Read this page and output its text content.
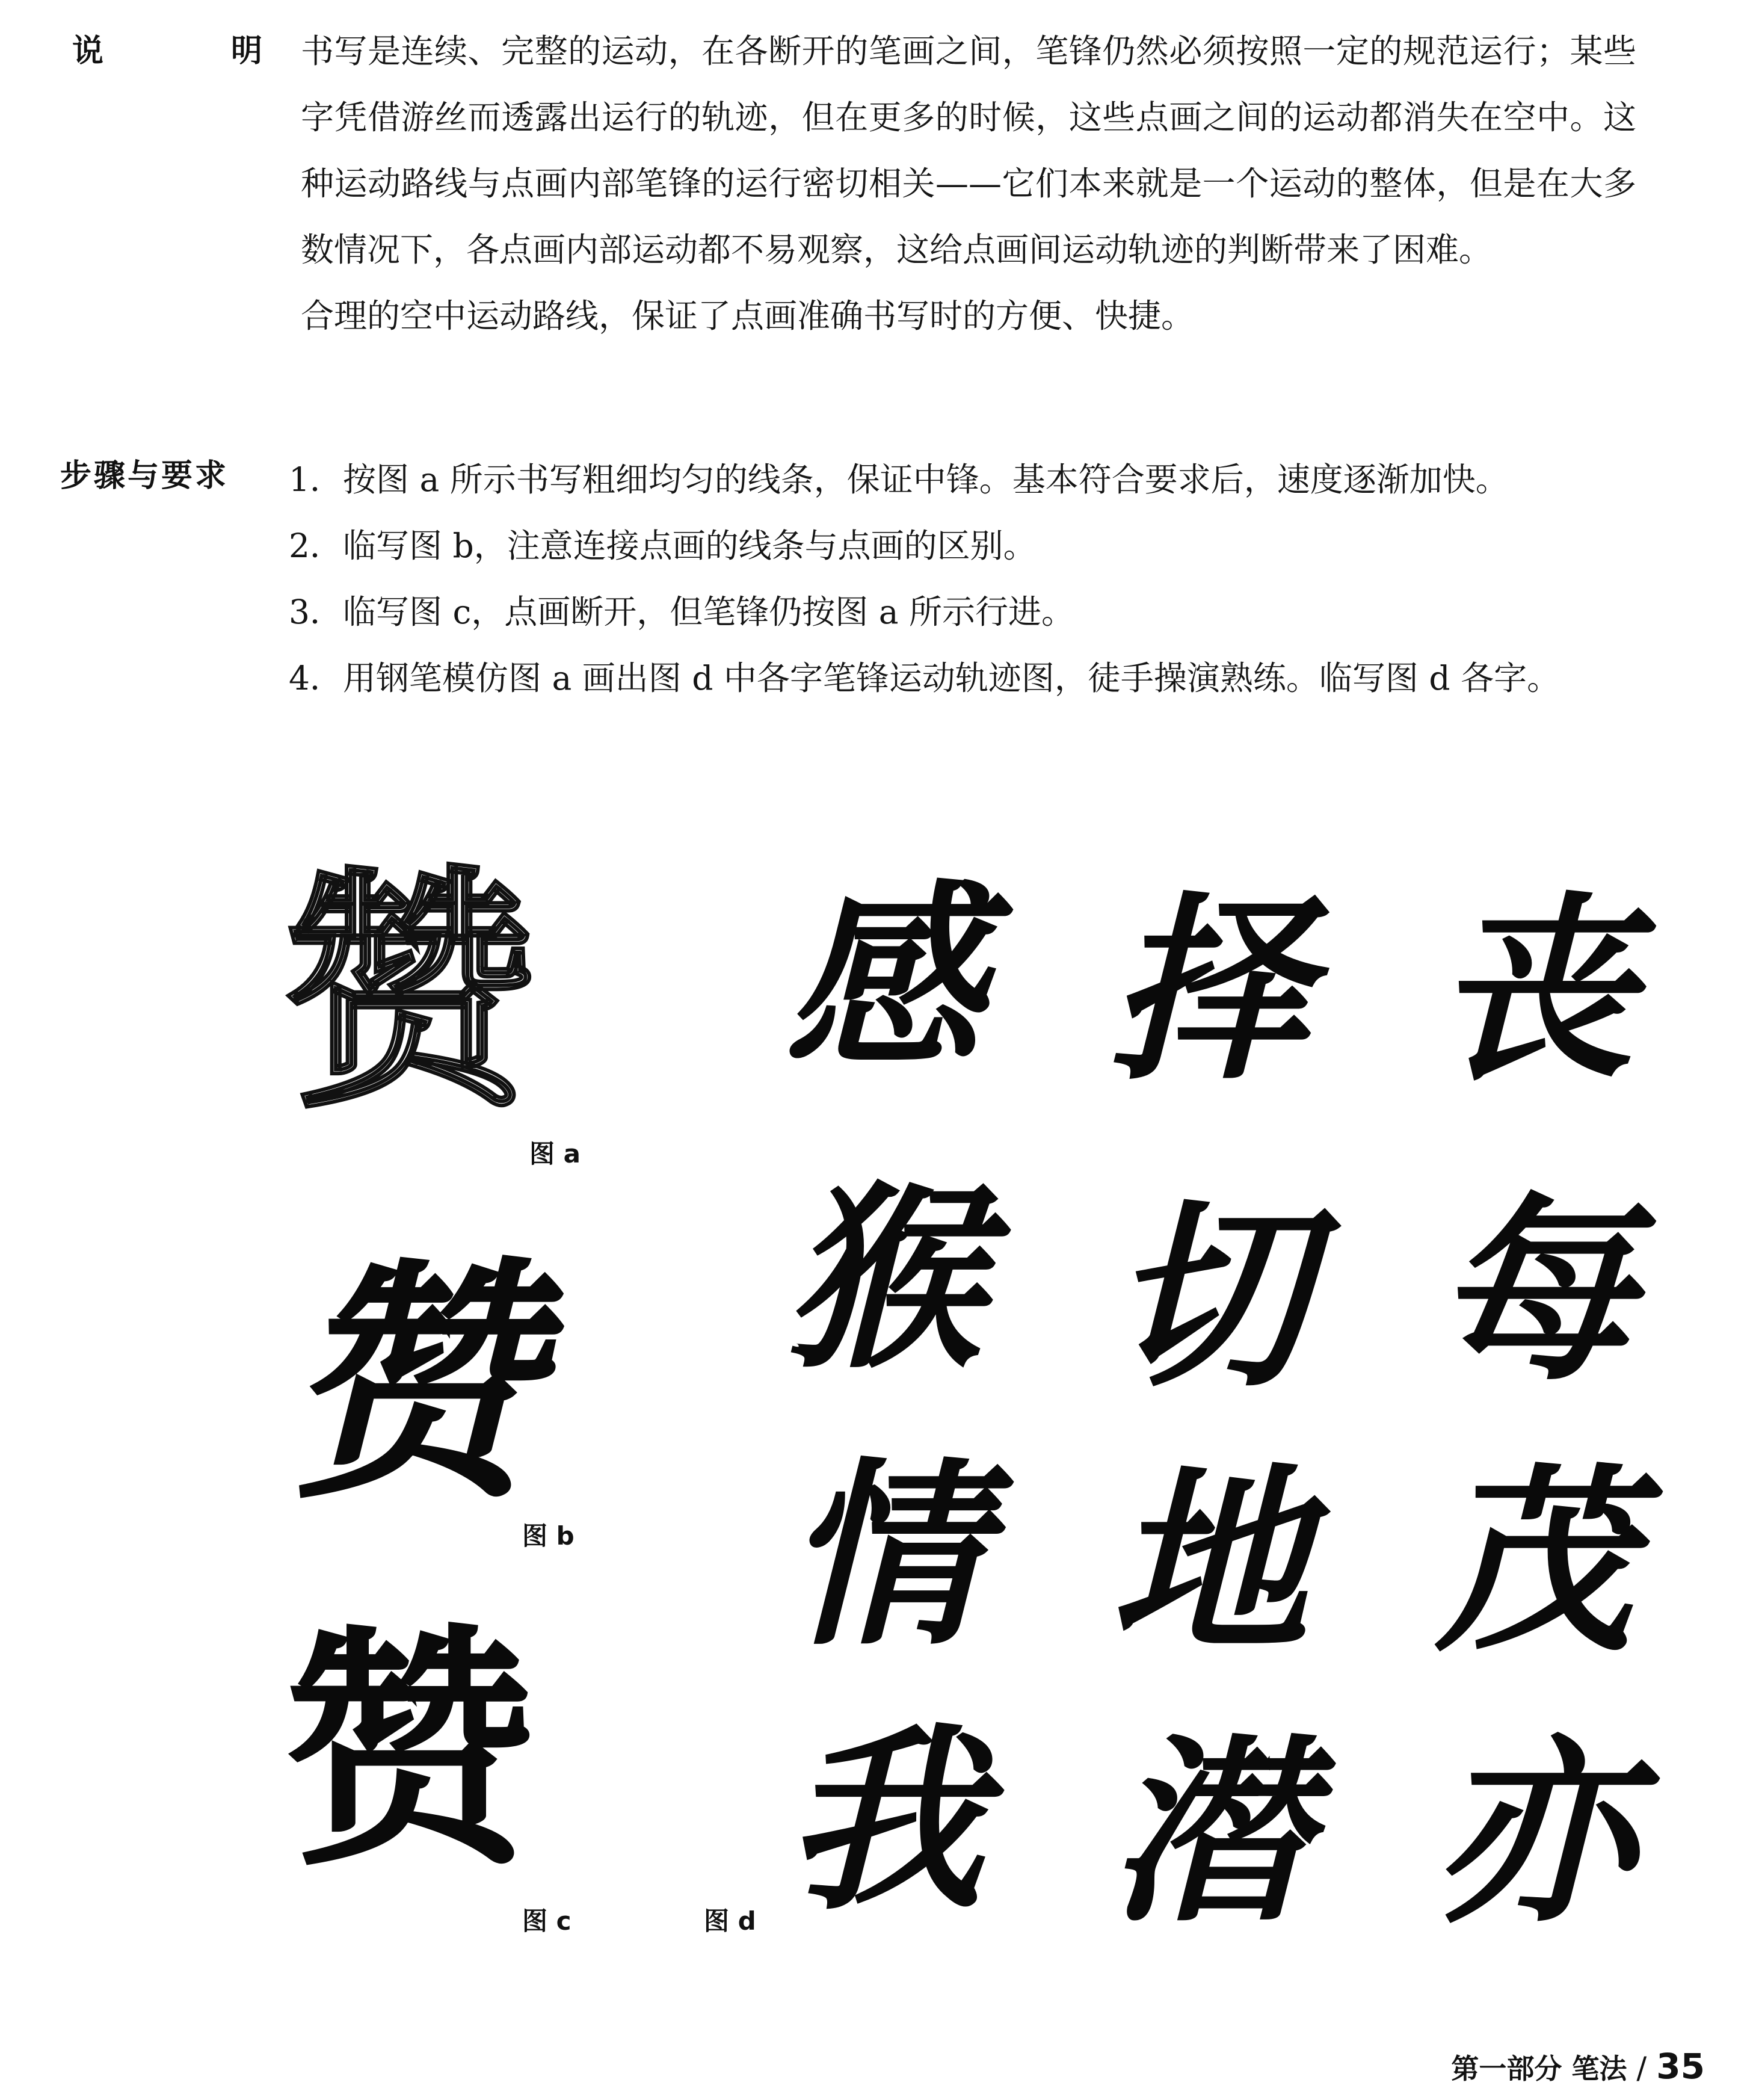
说	明 书写是连续、完整的运动，在各断开的笔画之间，笔锋仍然必须按照一定的规范运行；某些字凭借游丝而透露出运行的轨迹，但在更多的时候，这些点画之间的运动都消失在空中。这种运动路线与点画内部笔锋的运行密切相关——它们本来就是一个运动的整体，但是在大多数情况下，各点画内部运动都不易观察，这给点画间运动轨迹的判断带来了困难。

合理的空中运动路线，保证了点画准确书写时的方便、快捷。

步骤与要求 1．按图 a 所示书写粗细均匀的线条，保证中锋。基本符合要求后，速度逐渐加快。
2．临写图 b，注意连接点画的线条与点画的区别。
3．临写图 c，点画断开，但笔锋仍按图 a 所示行进。
4．用钢笔模仿图 a 画出图 d 中各字笔锋运动轨迹图，徒手操演熟练。临写图 d 各字。
赞
图 a
赞
图 b
赞
图 c	图 d
感
猴
情
我
择
切
地
潜
丧
每
茂
亦
第一部分 笔法 / 35
